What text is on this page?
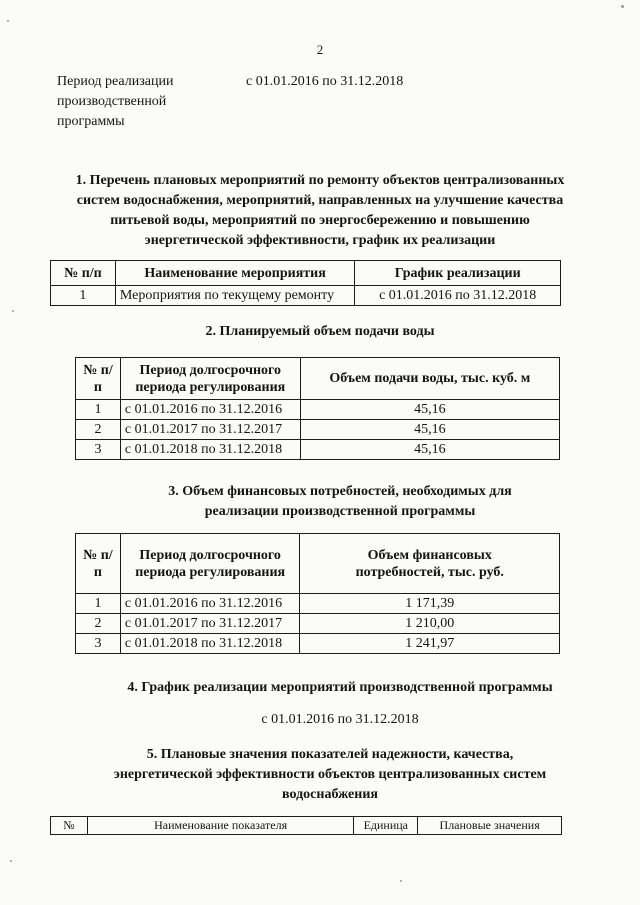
2
Период реализации производственной программы
с 01.01.2016 по 31.12.2018
1. Перечень плановых мероприятий по ремонту объектов централизованных систем водоснабжения, мероприятий, направленных на улучшение качества питьевой воды, мероприятий по энергосбережению и повышению энергетической эффективности, график их реализации
№ п/п	Наименование мероприятия	График реализации
1	Мероприятия по текущему ремонту	с 01.01.2016 по 31.12.2018
2. Планируемый объем подачи воды
№ п/п	Период долгосрочного периода регулирования	Объем подачи воды, тыс. куб. м
1	с 01.01.2016 по 31.12.2016	45,16
2	с 01.01.2017 по 31.12.2017	45,16
3	с 01.01.2018 по 31.12.2018	45,16
3. Объем финансовых потребностей, необходимых для реализации производственной программы
№ п/п	Период долгосрочного периода регулирования	Объем финансовых потребностей, тыс. руб.
1	с 01.01.2016 по 31.12.2016	1 171,39
2	с 01.01.2017 по 31.12.2017	1 210,00
3	с 01.01.2018 по 31.12.2018	1 241,97
4. График реализации мероприятий производственной программы
с 01.01.2016 по 31.12.2018
5. Плановые значения показателей надежности, качества, энергетической эффективности объектов централизованных систем водоснабжения
№	Наименование показателя	Единица	Плановые значения
